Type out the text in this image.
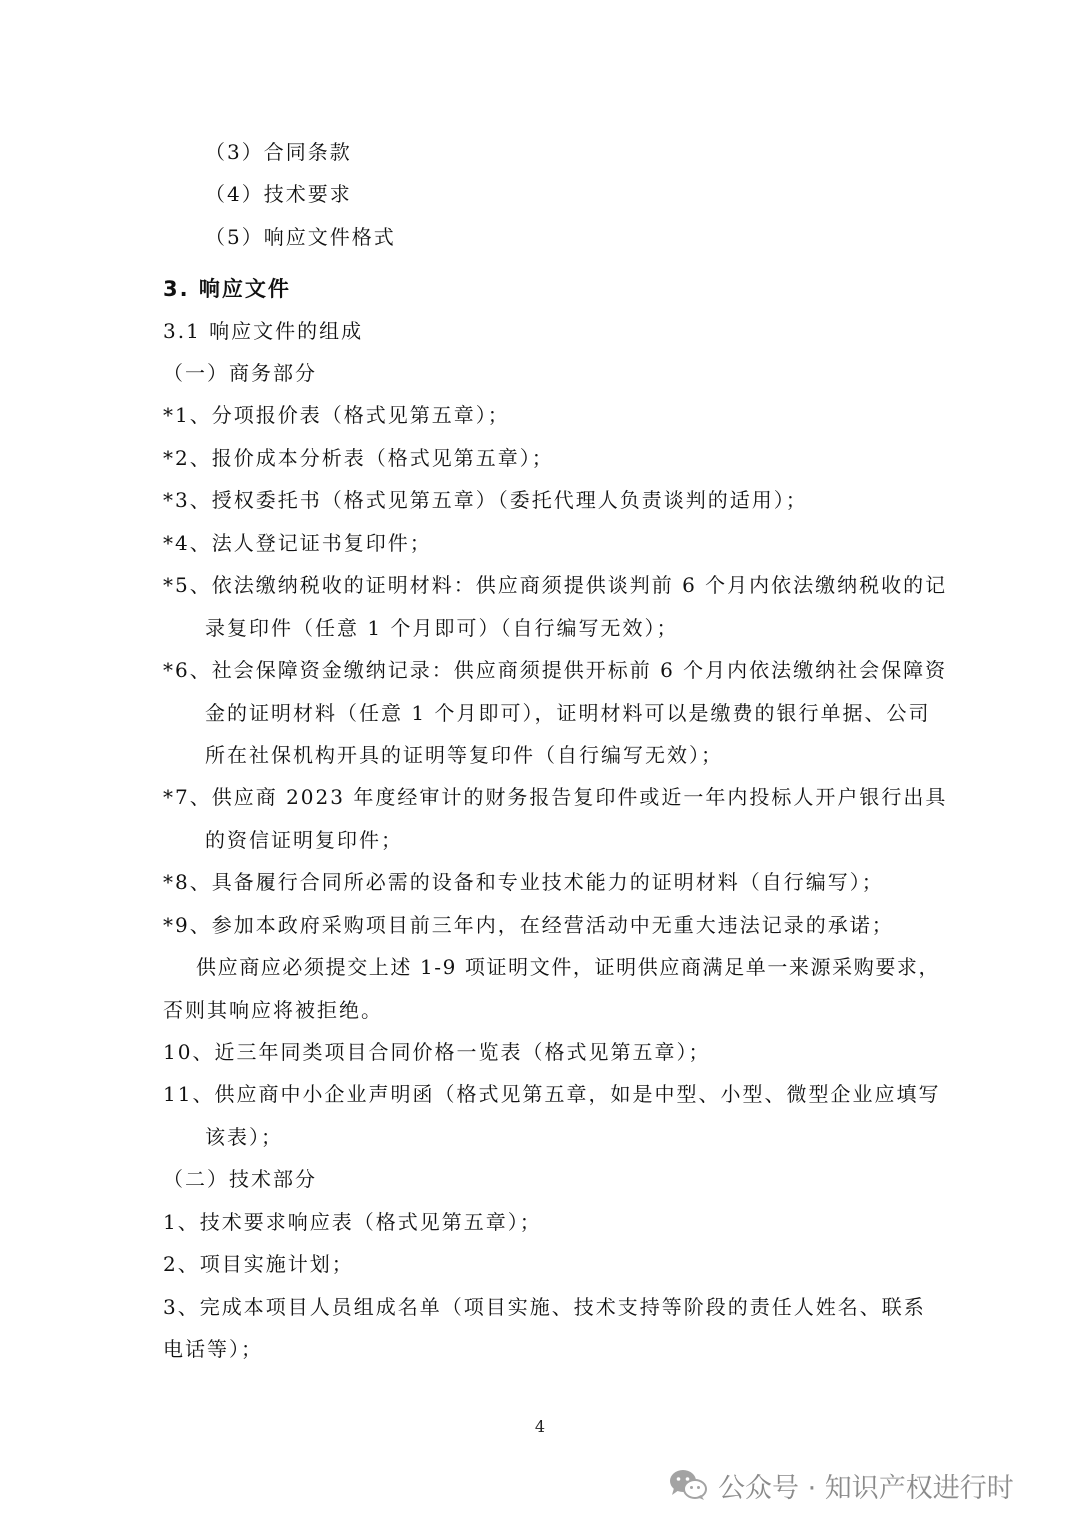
（3）合同条款
（4）技术要求
（5）响应文件格式
3. 响应文件
3.1 响应文件的组成
（一）商务部分
*1、分项报价表（格式见第五章）；
*2、报价成本分析表（格式见第五章）；
*3、授权委托书（格式见第五章）（委托代理人负责谈判的适用）；
*4、法人登记证书复印件；
*5、依法缴纳税收的证明材料：供应商须提供谈判前 6 个月内依法缴纳税收的记
录复印件（任意 1 个月即可）（自行编写无效）；
*6、社会保障资金缴纳记录：供应商须提供开标前 6 个月内依法缴纳社会保障资
金的证明材料（任意 1 个月即可），证明材料可以是缴费的银行单据、公司
所在社保机构开具的证明等复印件（自行编写无效）；
*7、供应商 2023 年度经审计的财务报告复印件或近一年内投标人开户银行出具
的资信证明复印件；
*8、具备履行合同所必需的设备和专业技术能力的证明材料（自行编写）；
*9、参加本政府采购项目前三年内，在经营活动中无重大违法记录的承诺；
供应商应必须提交上述 1-9 项证明文件，证明供应商满足单一来源采购要求，
否则其响应将被拒绝。
10、近三年同类项目合同价格一览表（格式见第五章）；
11、供应商中小企业声明函（格式见第五章，如是中型、小型、微型企业应填写
该表）；
（二）技术部分
1、技术要求响应表（格式见第五章）；
2、项目实施计划；
3、完成本项目人员组成名单（项目实施、技术支持等阶段的责任人姓名、联系
电话等）；
4
公众号 · 知识产权进行时
